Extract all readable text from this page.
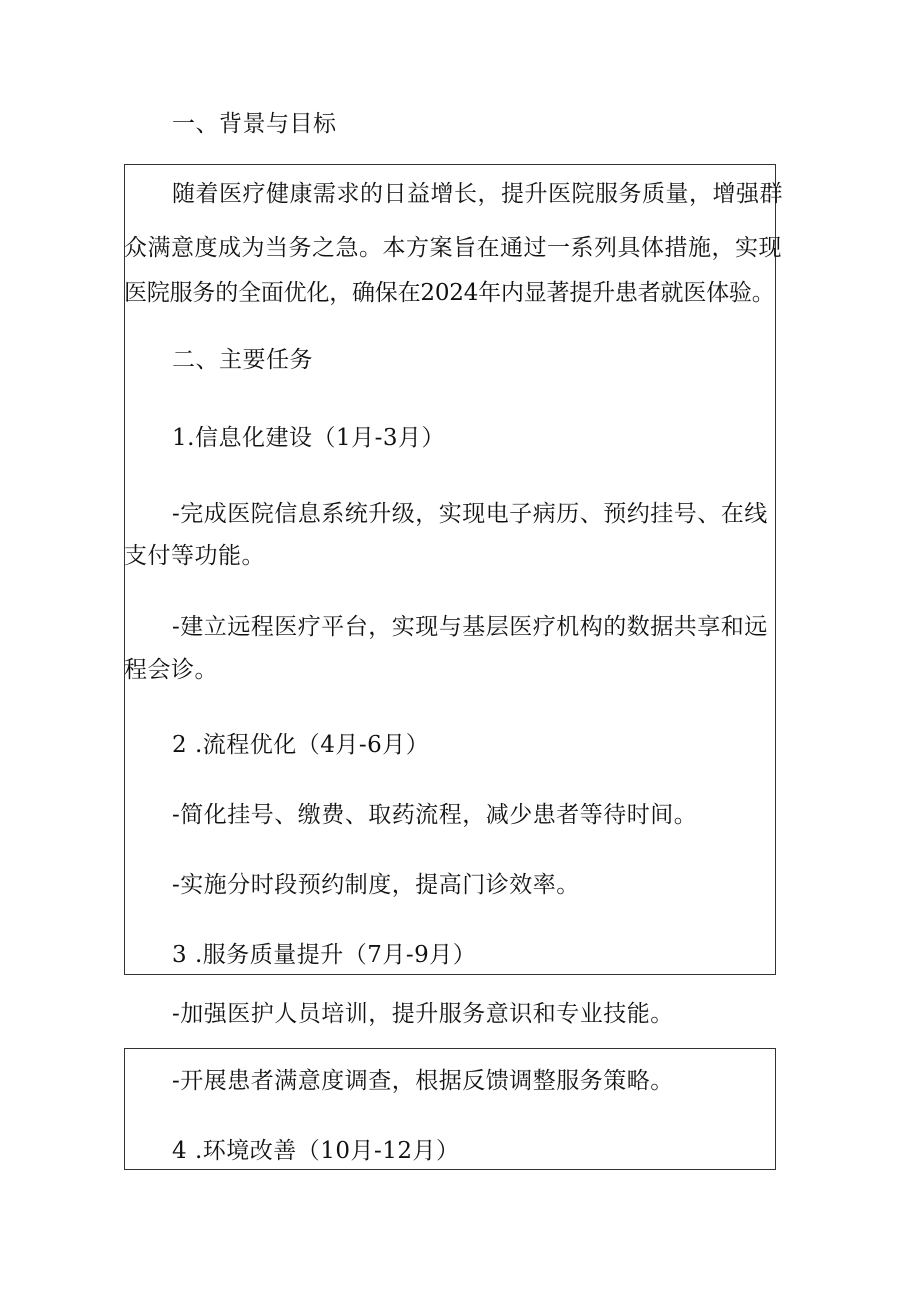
一、背景与目标
随着医疗健康需求的日益增长，提升医院服务质量，增强群
众满意度成为当务之急。本方案旨在通过一系列具体措施，实现
医院服务的全面优化，确保在2024年内显著提升患者就医体验。
二、主要任务
1.信息化建设（1月-3月）
-完成医院信息系统升级，实现电子病历、预约挂号、在线
支付等功能。
-建立远程医疗平台，实现与基层医疗机构的数据共享和远
程会诊。
2 .流程优化（4月-6月）
-简化挂号、缴费、取药流程，减少患者等待时间。
-实施分时段预约制度，提高门诊效率。
3 .服务质量提升（7月-9月）
-加强医护人员培训，提升服务意识和专业技能。
-开展患者满意度调查，根据反馈调整服务策略。
4 .环境改善（10月-12月）
